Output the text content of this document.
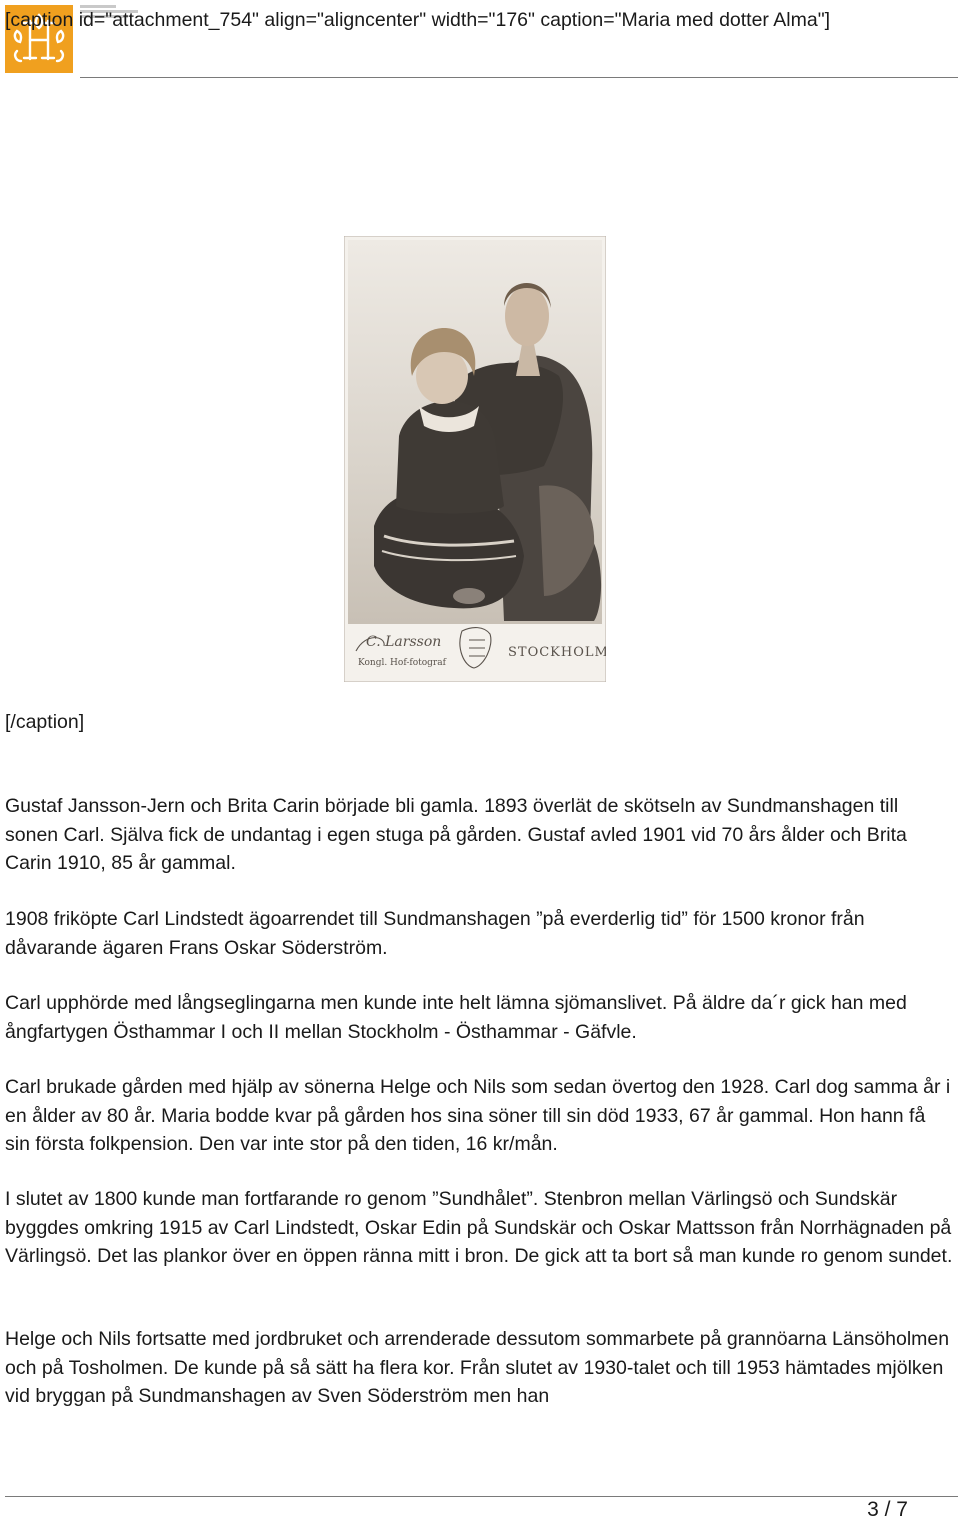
[caption id="attachment_754" align="aligncenter" width="176" caption="Maria med dotter Alma"]

C. Larsson
Kongl. Hof-fotograf
STOCKHOLM

[/caption]

Gustaf Jansson-Jern och Brita Carin började bli gamla. 1893 överlät de skötseln av Sundmanshagen till sonen Carl. Själva fick de undantag i egen stuga på gården. Gustaf avled 1901 vid 70 års ålder och Brita Carin 1910, 85 år gammal.

1908 friköpte Carl Lindstedt ägoarrendet till Sundmanshagen ”på everderlig tid” för 1500 kronor från dåvarande ägaren Frans Oskar Söderström.

Carl upphörde med långseglingarna men kunde inte helt lämna sjömanslivet. På äldre da´r gick han med ångfartygen Östhammar I och II mellan Stockholm - Östhammar - Gäfvle.

Carl brukade gården med hjälp av sönerna Helge och Nils som sedan övertog den 1928. Carl dog samma år i en ålder av 80 år. Maria bodde kvar på gården hos sina söner till sin död 1933, 67 år gammal. Hon hann få sin första folkpension. Den var inte stor på den tiden, 16 kr/mån.

I slutet av 1800 kunde man fortfarande ro genom ”Sundhålet”. Stenbron mellan Värlingsö och Sundskär byggdes omkring 1915 av Carl Lindstedt, Oskar Edin på Sundskär och Oskar Mattsson från Norrhägnaden på Värlingsö. Det las plankor över en öppen ränna mitt i bron. De gick att ta bort så man kunde ro genom sundet.

Helge och Nils fortsatte med jordbruket och arrenderade dessutom sommarbete på grannöarna Länsöholmen och på Tosholmen. De kunde på så sätt ha flera kor. Från slutet av 1930-talet och till 1953 hämtades mjölken vid bryggan på Sundmanshagen av Sven Söderström men han

3 / 7
